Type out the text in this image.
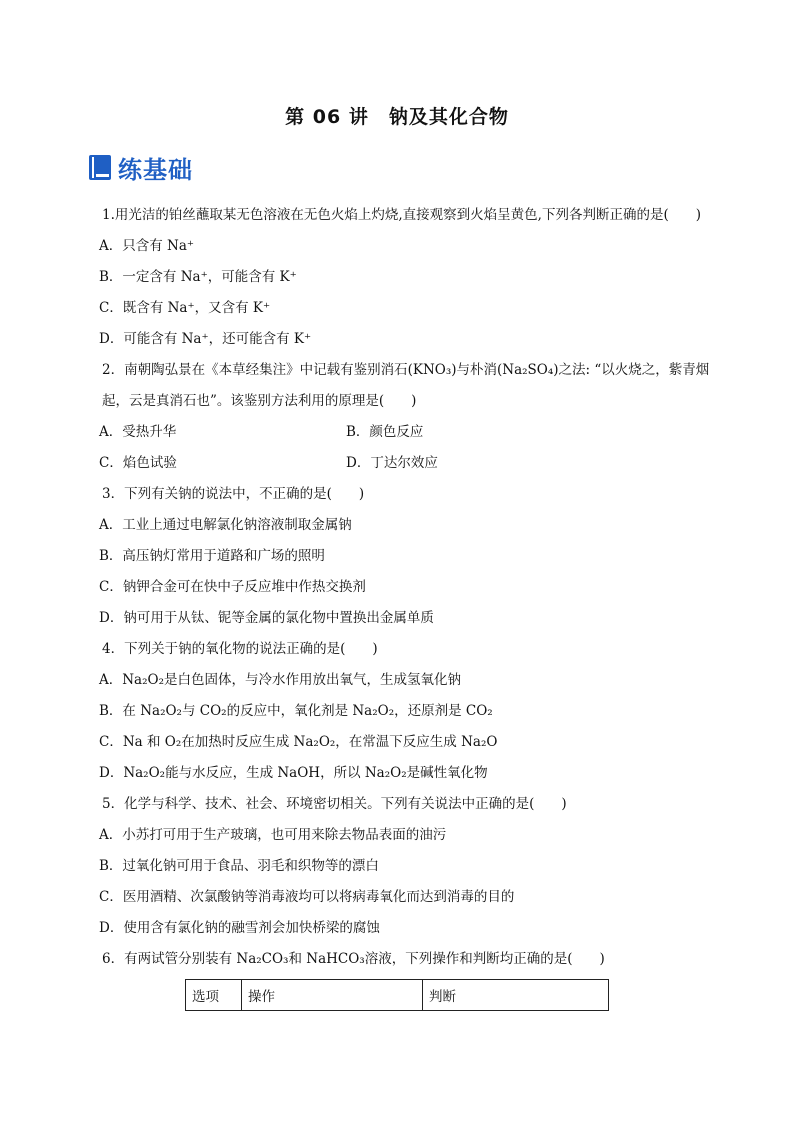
第 06 讲　钠及其化合物
练基础
1.用光洁的铂丝蘸取某无色溶液在无色火焰上灼烧,直接观察到火焰呈黄色,下列各判断正确的是(　　)
A．只含有 Na⁺
B．一定含有 Na⁺，可能含有 K⁺
C．既含有 Na⁺，又含有 K⁺
D．可能含有 Na⁺，还可能含有 K⁺
2．南朝陶弘景在《本草经集注》中记载有鉴别消石(KNO₃)与朴消(Na₂SO₄)之法: “以火烧之，紫青烟起，云是真消石也”。该鉴别方法利用的原理是(　　)
A．受热升华	B．颜色反应
C．焰色试验	D．丁达尔效应
3．下列有关钠的说法中，不正确的是(　　)
A．工业上通过电解氯化钠溶液制取金属钠
B．高压钠灯常用于道路和广场的照明
C．钠钾合金可在快中子反应堆中作热交换剂
D．钠可用于从钛、铌等金属的氯化物中置换出金属单质
4．下列关于钠的氧化物的说法正确的是(　　)
A．Na₂O₂是白色固体，与冷水作用放出氧气，生成氢氧化钠
B．在 Na₂O₂与 CO₂的反应中，氧化剂是 Na₂O₂，还原剂是 CO₂
C．Na 和 O₂在加热时反应生成 Na₂O₂，在常温下反应生成 Na₂O
D．Na₂O₂能与水反应，生成 NaOH，所以 Na₂O₂是碱性氧化物
5．化学与科学、技术、社会、环境密切相关。下列有关说法中正确的是(　　)
A．小苏打可用于生产玻璃，也可用来除去物品表面的油污
B．过氧化钠可用于食品、羽毛和织物等的漂白
C．医用酒精、次氯酸钠等消毒液均可以将病毒氧化而达到消毒的目的
D．使用含有氯化钠的融雪剂会加快桥梁的腐蚀
6．有两试管分别装有 Na₂CO₃和 NaHCO₃溶液，下列操作和判断均正确的是(　　)
选项	操作	判断
